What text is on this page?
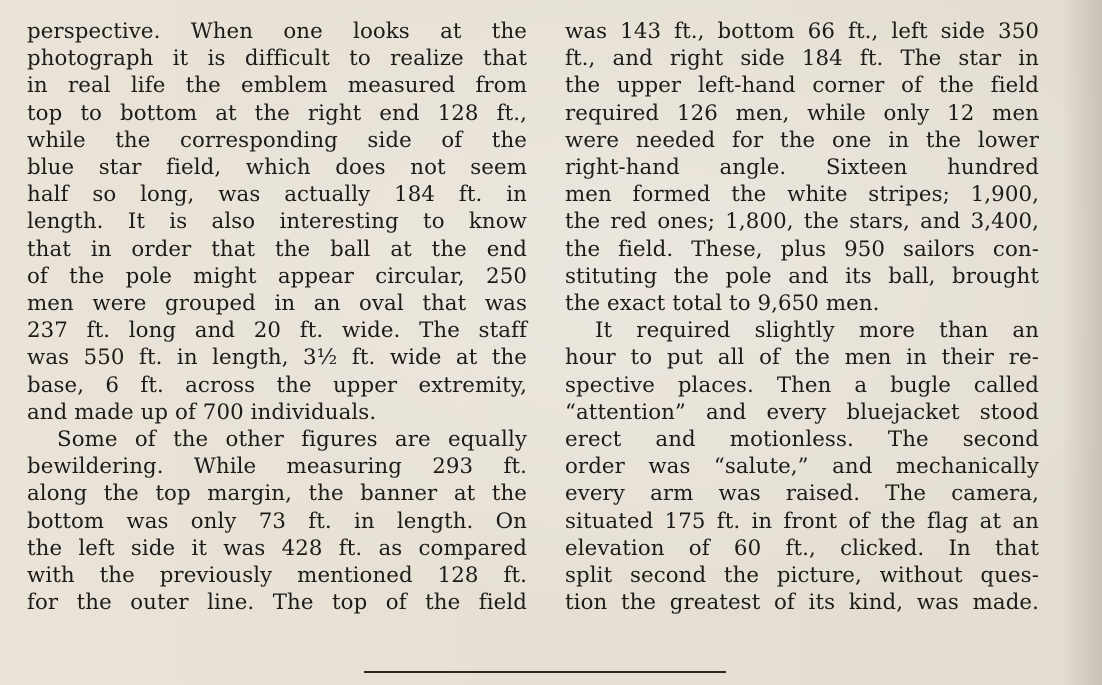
perspective. When one looks at the
photograph it is difficult to realize that
in real life the emblem measured from
top to bottom at the right end 128 ft.,
while the corresponding side of the
blue star field, which does not seem
half so long, was actually 184 ft. in
length. It is also interesting to know
that in order that the ball at the end
of the pole might appear circular, 250
men were grouped in an oval that was
237 ft. long and 20 ft. wide. The staff
was 550 ft. in length, 3½ ft. wide at the
base, 6 ft. across the upper extremity,
and made up of 700 individuals.
Some of the other figures are equally
bewildering. While measuring 293 ft.
along the top margin, the banner at the
bottom was only 73 ft. in length. On
the left side it was 428 ft. as compared
with the previously mentioned 128 ft.
for the outer line. The top of the field
was 143 ft., bottom 66 ft., left side 350
ft., and right side 184 ft. The star in
the upper left-hand corner of the field
required 126 men, while only 12 men
were needed for the one in the lower
right-hand angle. Sixteen hundred
men formed the white stripes; 1,900,
the red ones; 1,800, the stars, and 3,400,
the field. These, plus 950 sailors con-
stituting the pole and its ball, brought
the exact total to 9,650 men.
It required slightly more than an
hour to put all of the men in their re-
spective places. Then a bugle called
“attention” and every bluejacket stood
erect and motionless. The second
order was “salute,” and mechanically
every arm was raised. The camera,
situated 175 ft. in front of the flag at an
elevation of 60 ft., clicked. In that
split second the picture, without ques-
tion the greatest of its kind, was made.
